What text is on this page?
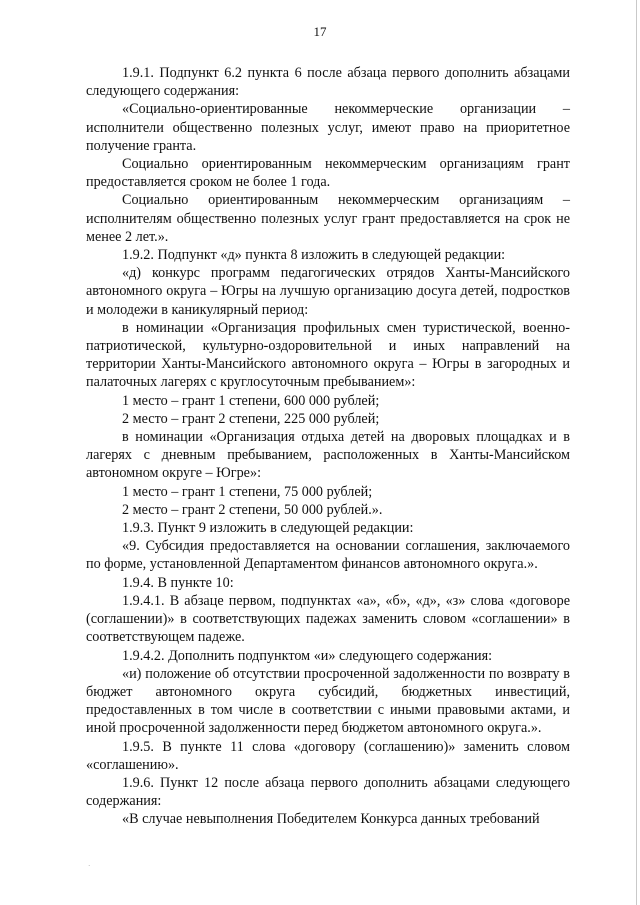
17

1.9.1. Подпункт 6.2 пункта 6 после абзаца первого дополнить абзацами следующего содержания:

«Социально-ориентированные некоммерческие организации – исполнители общественно полезных услуг, имеют право на приоритетное получение гранта.

Социально ориентированным некоммерческим организациям грант предоставляется сроком не более 1 года.

Социально ориентированным некоммерческим организациям – исполнителям общественно полезных услуг грант предоставляется на срок не менее 2 лет.».

1.9.2. Подпункт «д» пункта 8 изложить в следующей редакции:

«д) конкурс программ педагогических отрядов Ханты-Мансийского автономного округа – Югры на лучшую организацию досуга детей, подростков и молодежи в каникулярный период:

в номинации «Организация профильных смен туристической, военно-патриотической, культурно-оздоровительной и иных направлений на территории Ханты-Мансийского автономного округа – Югры в загородных и палаточных лагерях с круглосуточным пребыванием»:

1 место – грант 1 степени, 600 000 рублей;

2 место – грант 2 степени, 225 000 рублей;

в номинации «Организация отдыха детей на дворовых площадках и в лагерях с дневным пребыванием, расположенных в Ханты-Мансийском автономном округе – Югре»:

1 место – грант 1 степени, 75 000 рублей;

2 место – грант 2 степени, 50 000 рублей.».

1.9.3. Пункт 9 изложить в следующей редакции:

«9. Субсидия предоставляется на основании соглашения, заключаемого по форме, установленной Департаментом финансов автономного округа.».

1.9.4. В пункте 10:

1.9.4.1. В абзаце первом, подпунктах «а», «б», «д», «з» слова «договоре (соглашении)» в соответствующих падежах заменить словом «соглашении» в соответствующем падеже.

1.9.4.2. Дополнить подпунктом «и» следующего содержания:

«и) положение об отсутствии просроченной задолженности по возврату в бюджет автономного округа субсидий, бюджетных инвестиций, предоставленных в том числе в соответствии с иными правовыми актами, и иной просроченной задолженности перед бюджетом автономного округа.».

1.9.5. В пункте 11 слова «договору (соглашению)» заменить словом «соглашению».

1.9.6. Пункт 12 после абзаца первого дополнить абзацами следующего содержания:

«В случае невыполнения Победителем Конкурса данных требований

·
